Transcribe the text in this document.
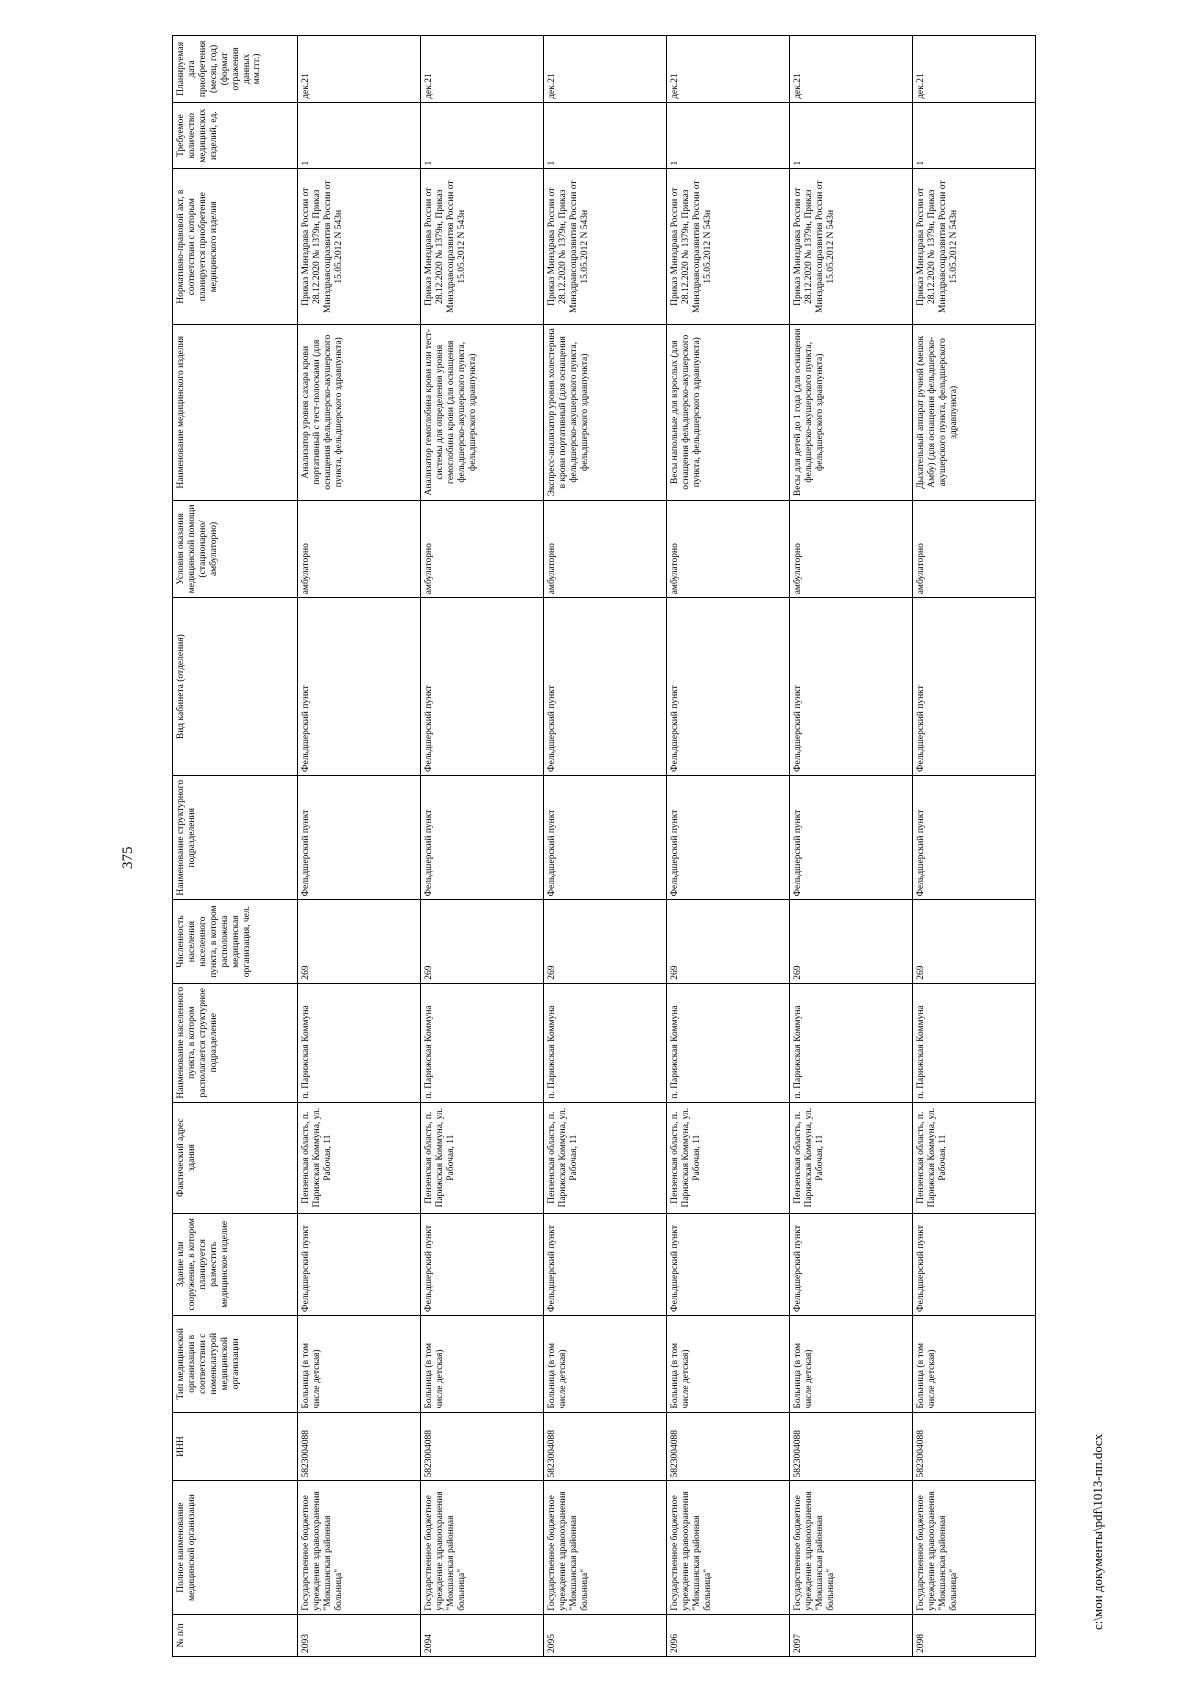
375
c:\мои документы\pdf\1013-пп.docx
№ п/п	Полное наименование медицинской организации	ИНН	Тип медицинской организации в соответствии с номенклатурой медицинской организации	Здание или сооружение, в котором планируется разместить медицинское изделие	Фактический адрес здания	Наименование населенного пункта, в котором располагается структурное подразделение	Численность населения населенного пункта, в котором расположена медицинская организация, чел.	Наименование структурного подразделения	Вид кабинета (отделения)	Условия оказания медицинской помощи (стационарно/амбулаторно)	Наименование медицинского изделия	Нормативно-правовой акт, в соответствии с которым планируется приобретение медицинского изделия	Требуемое количество медицинских изделий, ед.	Планируемая дата приобретения (месяц, год) (формат отражения данных мм.ггг.)
2093	Государственное бюджетное учреждение здравоохранения "Мокшанская районная больница"	5823004088	Больница (в том числе детская)	Фельдшерский пункт	Пензенская область, п. Парижская Коммуна, ул. Рабочая, 11	п. Парижская Коммуна	269	Фельдшерский пункт	Фельдшерский пункт	амбулаторно	Анализатор уровня сахара крови портативный с тест-полосками (для оснащения фельдшерско-акушерского пункта, фельдшерского здравпункта)	Приказ Минздрава России от 28.12.2020 № 1379н, Приказ Минздравсоцразвития России от 15.05.2012 N 543н	1	дек.21
2094	Государственное бюджетное учреждение здравоохранения "Мокшанская районная больница"	5823004088	Больница (в том числе детская)	Фельдшерский пункт	Пензенская область, п. Парижская Коммуна, ул. Рабочая, 11	п. Парижская Коммуна	269	Фельдшерский пункт	Фельдшерский пункт	амбулаторно	Анализатор гемоглобина крови или тест-системы для определения уровня гемоглобина крови (для оснащения фельдшерско-акушерского пункта, фельдшерского здравпункта)	Приказ Минздрава России от 28.12.2020 № 1379н, Приказ Минздравсоцразвития России от 15.05.2012 N 543н	1	дек.21
2095	Государственное бюджетное учреждение здравоохранения "Мокшанская районная больница"	5823004088	Больница (в том числе детская)	Фельдшерский пункт	Пензенская область, п. Парижская Коммуна, ул. Рабочая, 11	п. Парижская Коммуна	269	Фельдшерский пункт	Фельдшерский пункт	амбулаторно	Экспресс-анализатор уровня холестерина в крови портативный (для оснащения фельдшерско-акушерского пункта, фельдшерского здравпункта)	Приказ Минздрава России от 28.12.2020 № 1379н, Приказ Минздравсоцразвития России от 15.05.2012 N 543н	1	дек.21
2096	Государственное бюджетное учреждение здравоохранения "Мокшанская районная больница"	5823004088	Больница (в том числе детская)	Фельдшерский пункт	Пензенская область, п. Парижская Коммуна, ул. Рабочая, 11	п. Парижская Коммуна	269	Фельдшерский пункт	Фельдшерский пункт	амбулаторно	Весы напольные для взрослых (для оснащения фельдшерско-акушерского пункта, фельдшерского здравпункта)	Приказ Минздрава России от 28.12.2020 № 1379н, Приказ Минздравсоцразвития России от 15.05.2012 N 543н	1	дек.21
2097	Государственное бюджетное учреждение здравоохранения "Мокшанская районная больница"	5823004088	Больница (в том числе детская)	Фельдшерский пункт	Пензенская область, п. Парижская Коммуна, ул. Рабочая, 11	п. Парижская Коммуна	269	Фельдшерский пункт	Фельдшерский пункт	амбулаторно	Весы для детей до 1 года (для оснащения фельдшерско-акушерского пункта, фельдшерского здравпункта)	Приказ Минздрава России от 28.12.2020 № 1379н, Приказ Минздравсоцразвития России от 15.05.2012 N 543н	1	дек.21
2098	Государственное бюджетное учреждение здравоохранения "Мокшанская районная больница"	5823004088	Больница (в том числе детская)	Фельдшерский пункт	Пензенская область, п. Парижская Коммуна, ул. Рабочая, 11	п. Парижская Коммуна	269	Фельдшерский пункт	Фельдшерский пункт	амбулаторно	Дыхательный аппарат ручной (мешок Амбу) (для оснащения фельдшерско-акушерского пункта, фельдшерского здравпункта)	Приказ Минздрава России от 28.12.2020 № 1379н, Приказ Минздравсоцразвития России от 15.05.2012 N 543н	1	дек.21
